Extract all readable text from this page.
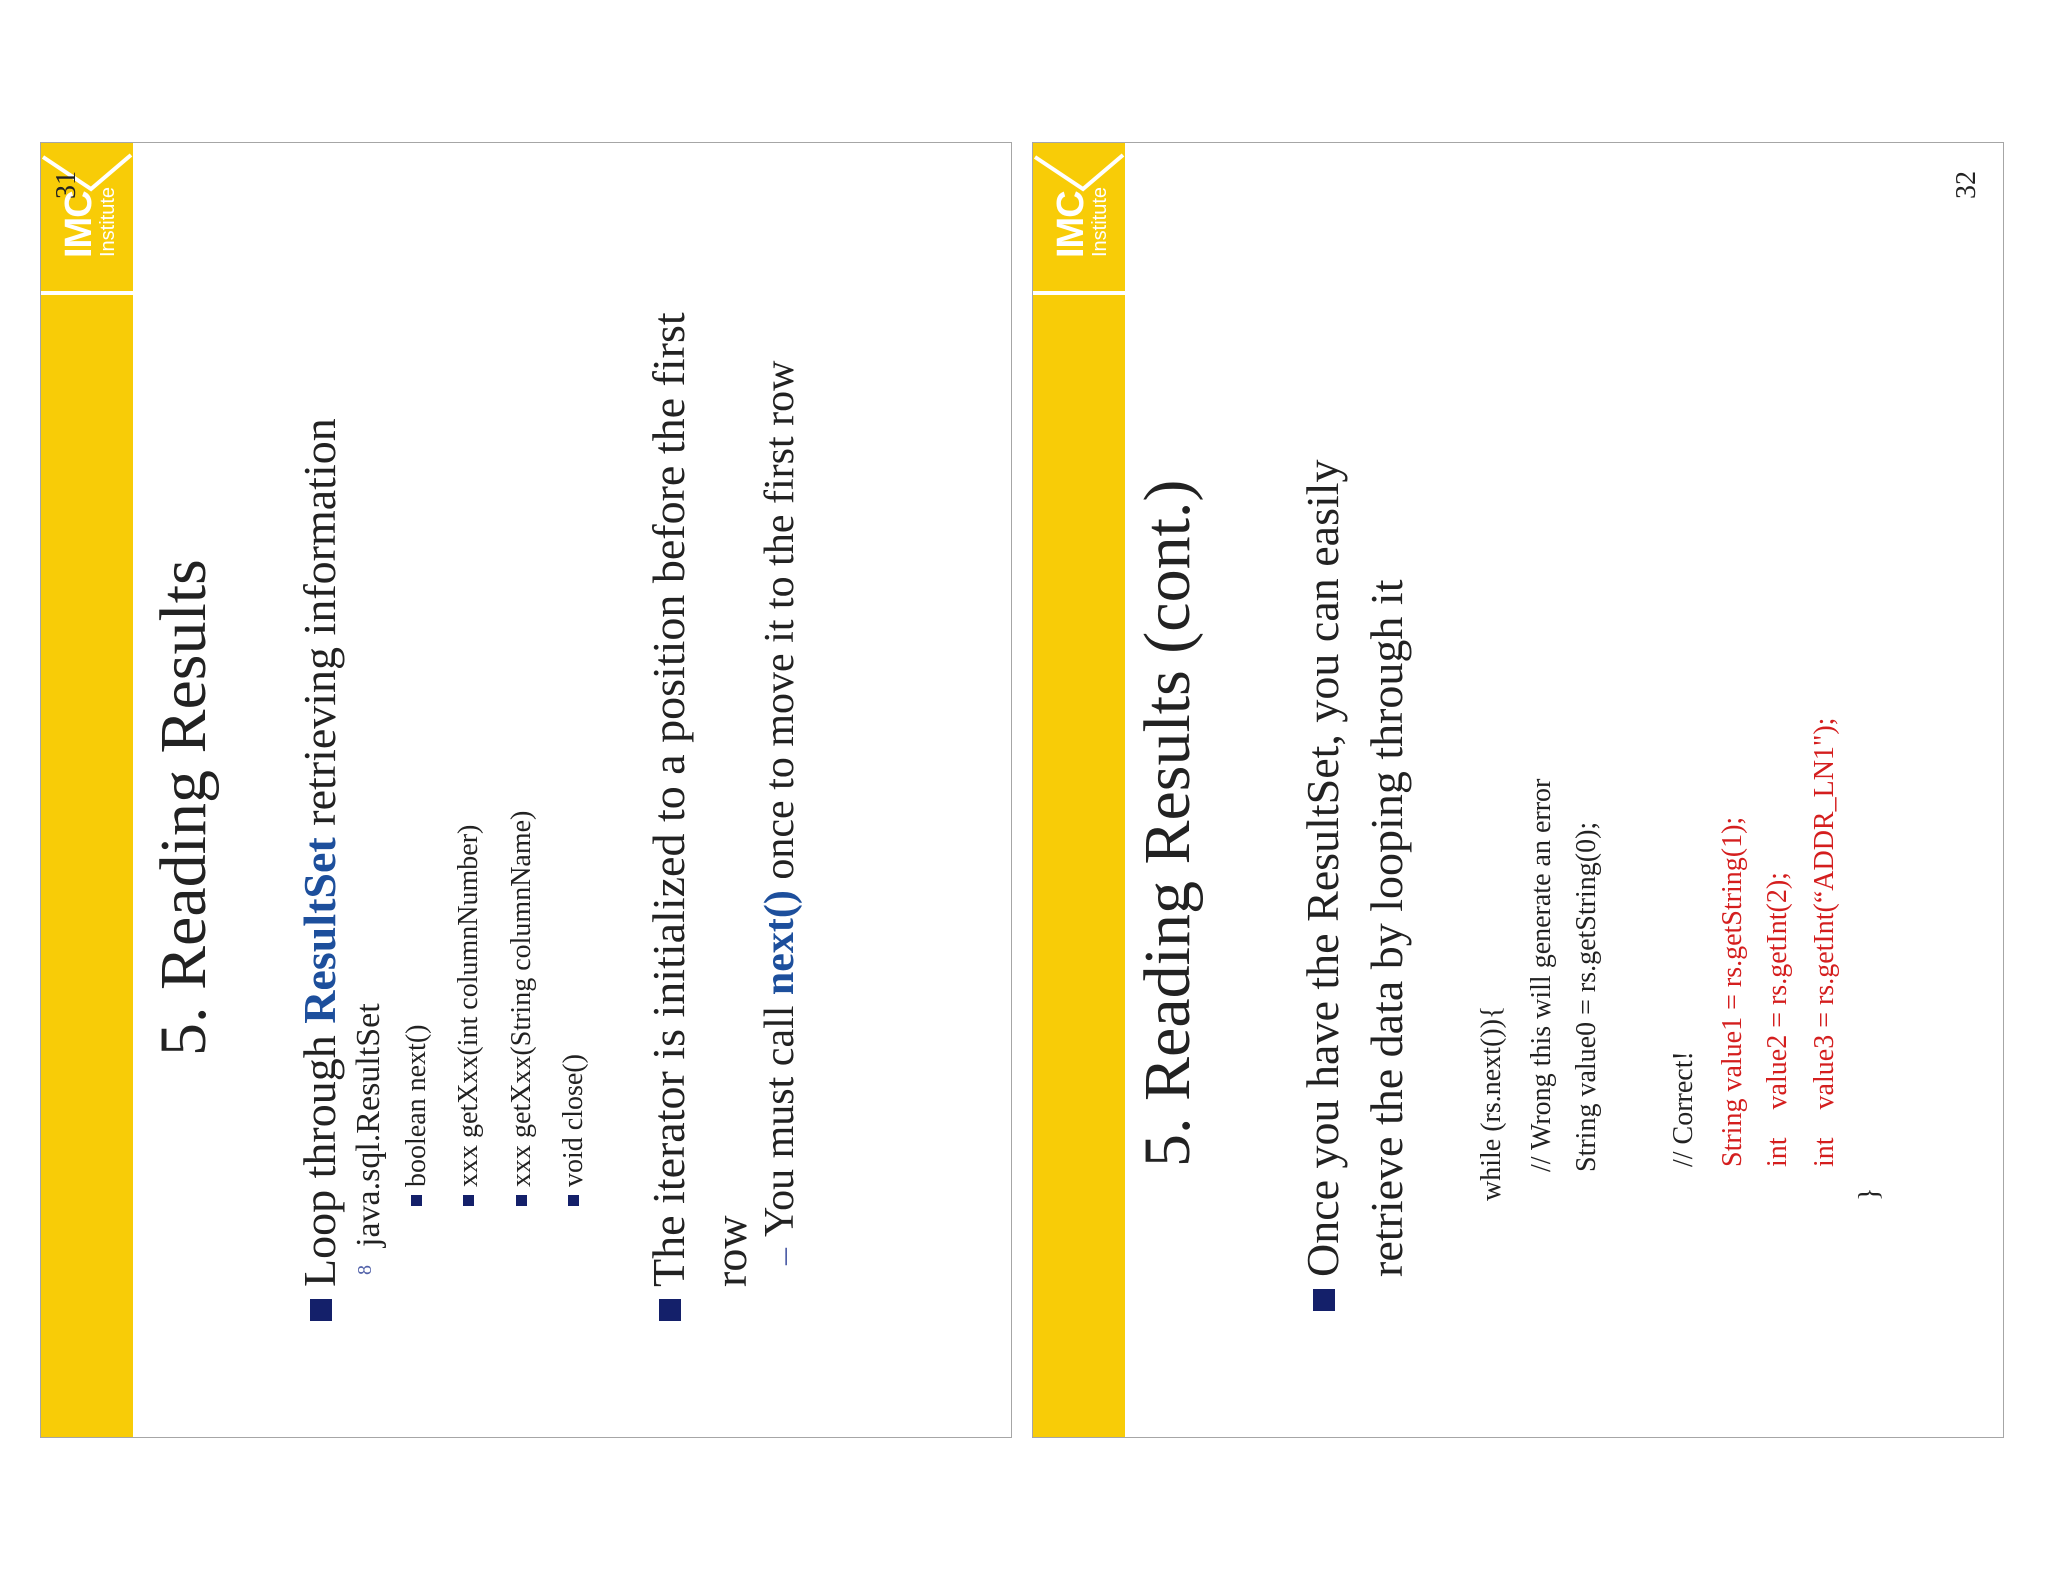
IMC
Institute
31
5. Reading Results
Loop through ResultSet retrieving information
8
java.sql.ResultSet boolean next() xxx getXxx(int columnNumber) xxx getXxx(String columnName) void close() The iterator is initialized to a position before the first row –
You must call next() once to move it to the first row
IMC
Institute
32
5. Reading Results (cont.) Once you have the ResultSet, you can easily retrieve the data by looping through it while (rs.next()){ // Wrong this will generate an error String value0 = rs.getString(0); // Correct! String value1 = rs.getString(1); int    value2 = rs.getInt(2); int    value3 = rs.getInt(“ADDR_LN1");
}
